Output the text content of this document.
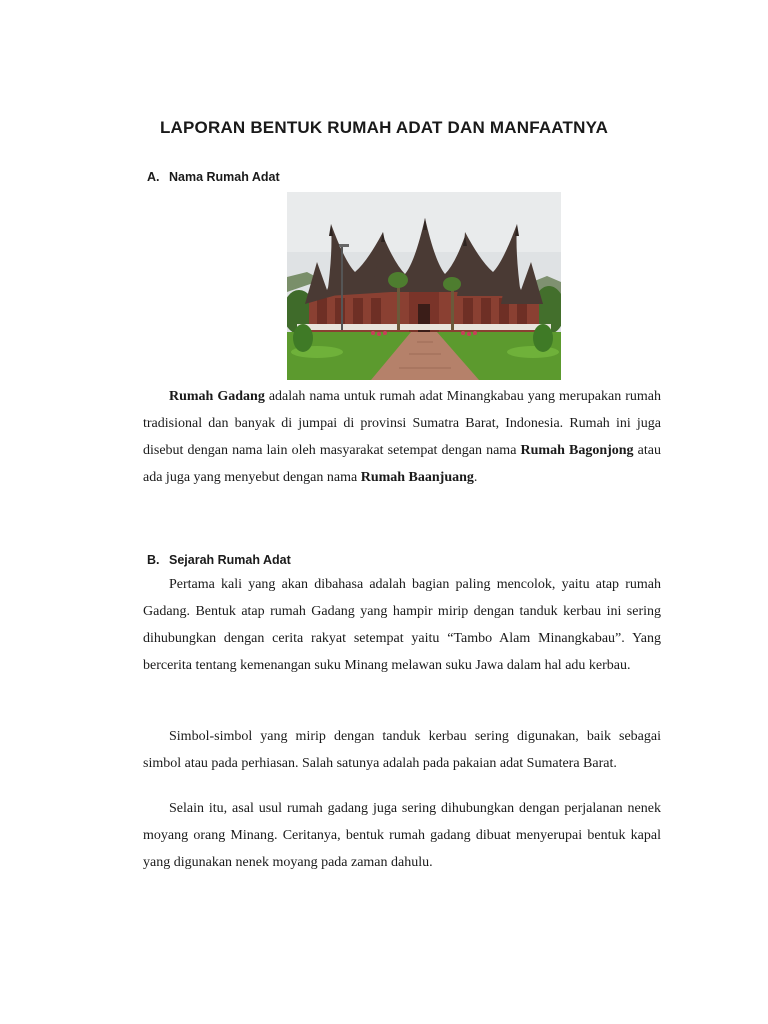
LAPORAN BENTUK RUMAH ADAT DAN MANFAATNYA
A. Nama Rumah Adat

Rumah Gadang adalah nama untuk rumah adat Minangkabau yang merupakan rumah tradisional dan banyak di jumpai di provinsi Sumatra Barat, Indonesia. Rumah ini juga disebut dengan nama lain oleh masyarakat setempat dengan nama Rumah Bagonjong atau ada juga yang menyebut dengan nama Rumah Baanjuang.

B. Sejarah Rumah Adat

Pertama kali yang akan dibahasa adalah bagian paling mencolok, yaitu atap rumah Gadang. Bentuk atap rumah Gadang yang hampir mirip dengan tanduk kerbau ini sering dihubungkan dengan cerita rakyat setempat yaitu “Tambo Alam Minangkabau”. Yang bercerita tentang kemenangan suku Minang melawan suku Jawa dalam hal adu kerbau.

Simbol-simbol yang mirip dengan tanduk kerbau sering digunakan, baik sebagai simbol atau pada perhiasan. Salah satunya adalah pada pakaian adat Sumatera Barat.

Selain itu, asal usul rumah gadang juga sering dihubungkan dengan perjalanan nenek moyang orang Minang. Ceritanya, bentuk rumah gadang dibuat menyerupai bentuk kapal yang digunakan nenek moyang pada zaman dahulu.
